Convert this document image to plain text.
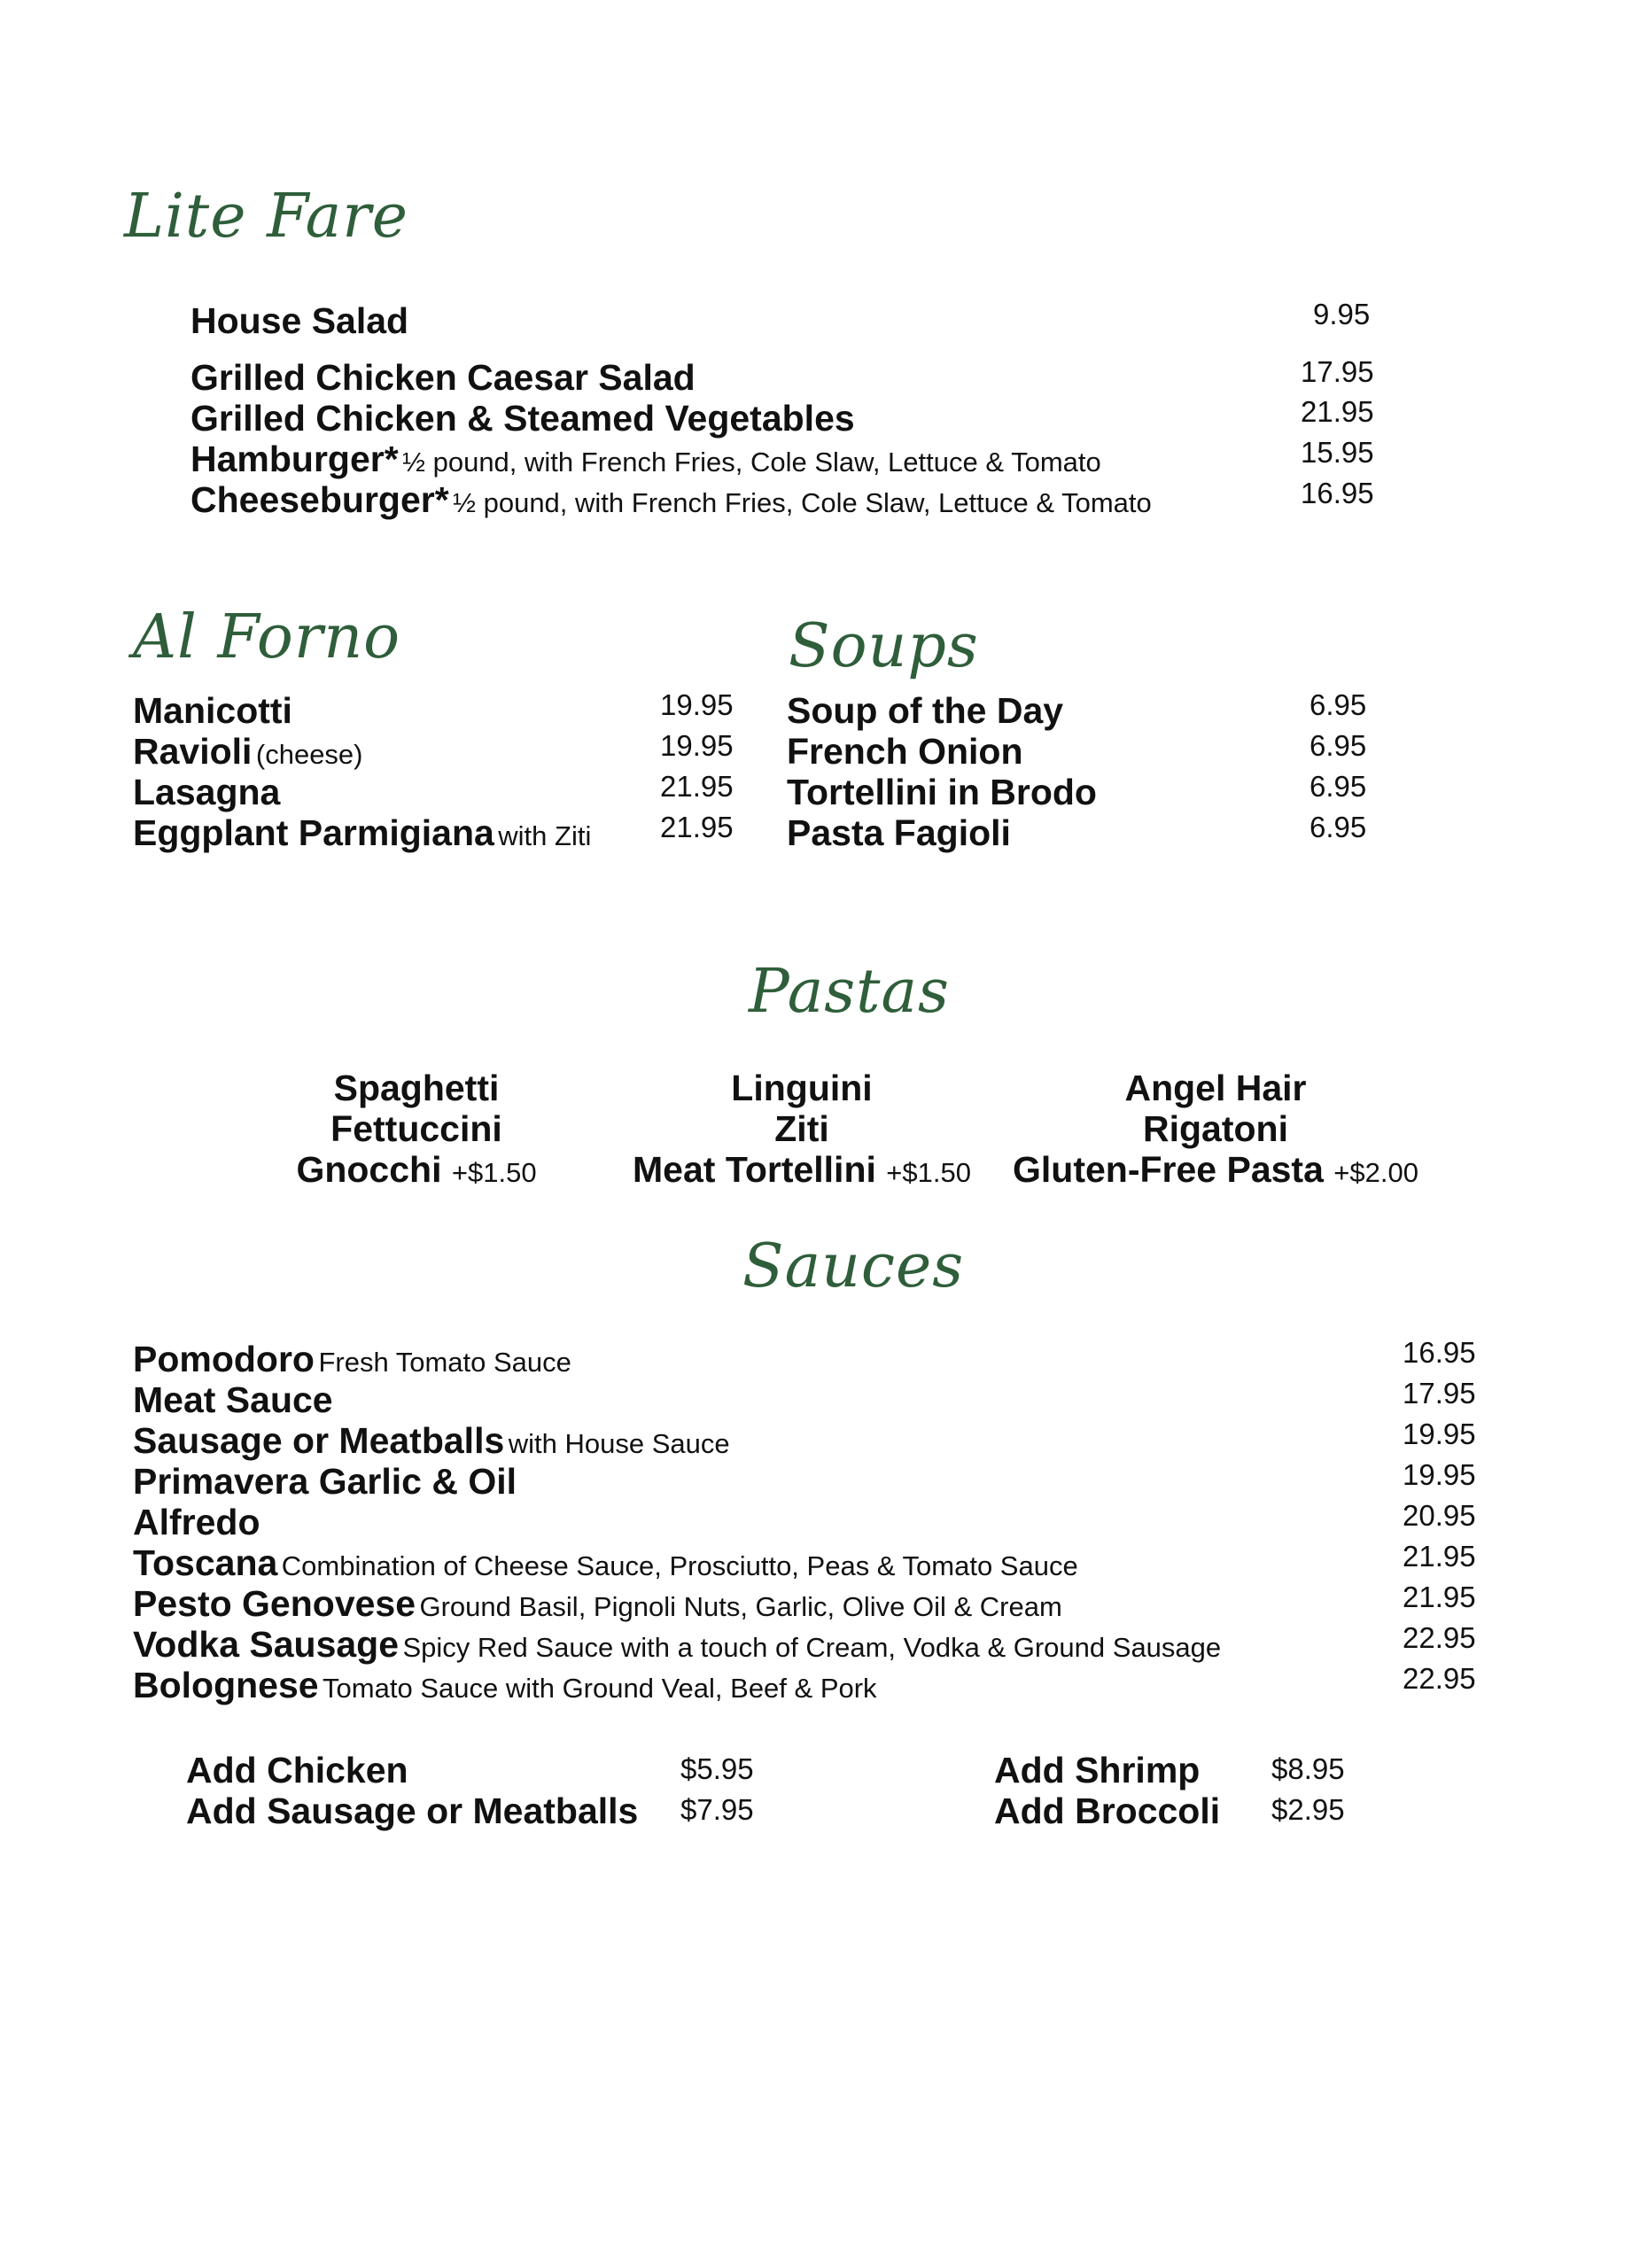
Lite Fare
House Salad	9.95
Grilled Chicken Caesar Salad	17.95
Grilled Chicken & Steamed Vegetables	21.95
Hamburger* ½ pound, with French Fries, Cole Slaw, Lettuce & Tomato	15.95
Cheeseburger* ½ pound, with French Fries, Cole Slaw, Lettuce & Tomato	16.95
Al Forno
Manicotti	19.95
Ravioli (cheese)	19.95
Lasagna	21.95
Eggplant Parmigiana with Ziti 21.95
Soups
Soup of the Day	6.95
French Onion	6.95
Tortellini in Brodo	6.95
Pasta Fagioli	6.95
Pastas
Spaghetti
Fettuccini
Gnocchi +$1.50
Linguini
Ziti
Meat Tortellini +$1.50
Angel Hair
Rigatoni
Gluten-Free Pasta +$2.00
Sauces
Pomodoro Fresh Tomato Sauce	16.95
Meat Sauce	17.95
Sausage or Meatballs with House Sauce	19.95
Primavera Garlic & Oil	19.95
Alfredo	20.95
Toscana Combination of Cheese Sauce, Prosciutto, Peas & Tomato Sauce	21.95
Pesto Genovese Ground Basil, Pignoli Nuts, Garlic, Olive Oil & Cream	21.95
Vodka Sausage Spicy Red Sauce with a touch of Cream, Vodka & Ground Sausage	22.95
Bolognese Tomato Sauce with Ground Veal, Beef & Pork	22.95
Add Chicken	$5.95
Add Sausage or Meatballs $7.95
Add Shrimp $8.95
Add Broccoli $2.95
